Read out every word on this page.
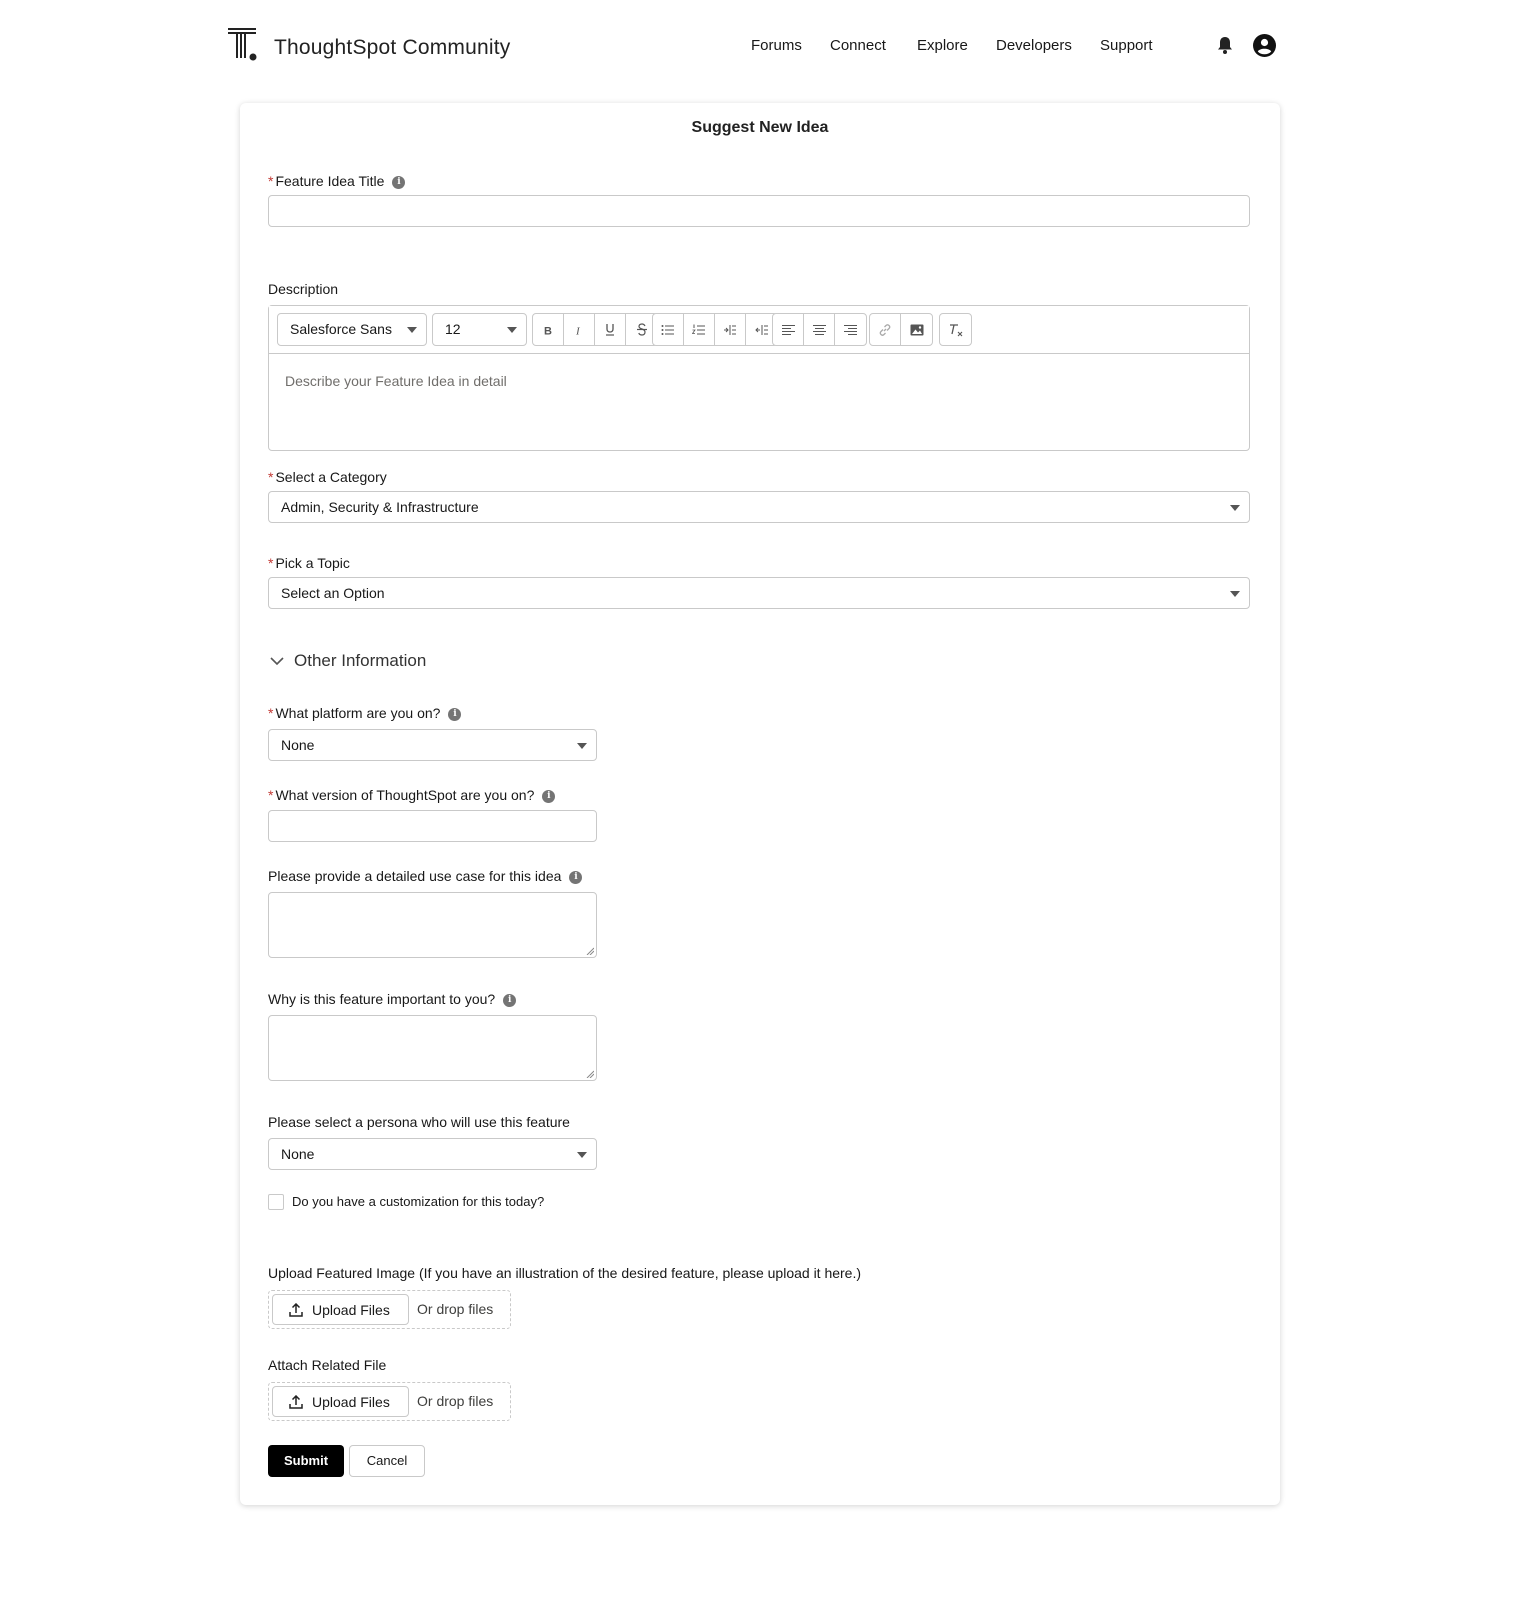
ThoughtSpot Community	Forums Connect Explore Developers Support
Suggest New Idea
* Feature Idea Title i
Description
Salesforce Sans	12	B I
Describe your Feature Idea in detail
* Select a Category
Admin, Security & Infrastructure
* Pick a Topic
Select an Option
Other Information
* What platform are you on? i
None
* What version of ThoughtSpot are you on? i
Please provide a detailed use case for this idea i
Why is this feature important to you? i
Please select a persona who will use this feature
None
Do you have a customization for this today?
Upload Featured Image (If you have an illustration of the desired feature, please upload it here.)
Upload Files Or drop files
Attach Related File
Upload Files Or drop files
Submit	Cancel
